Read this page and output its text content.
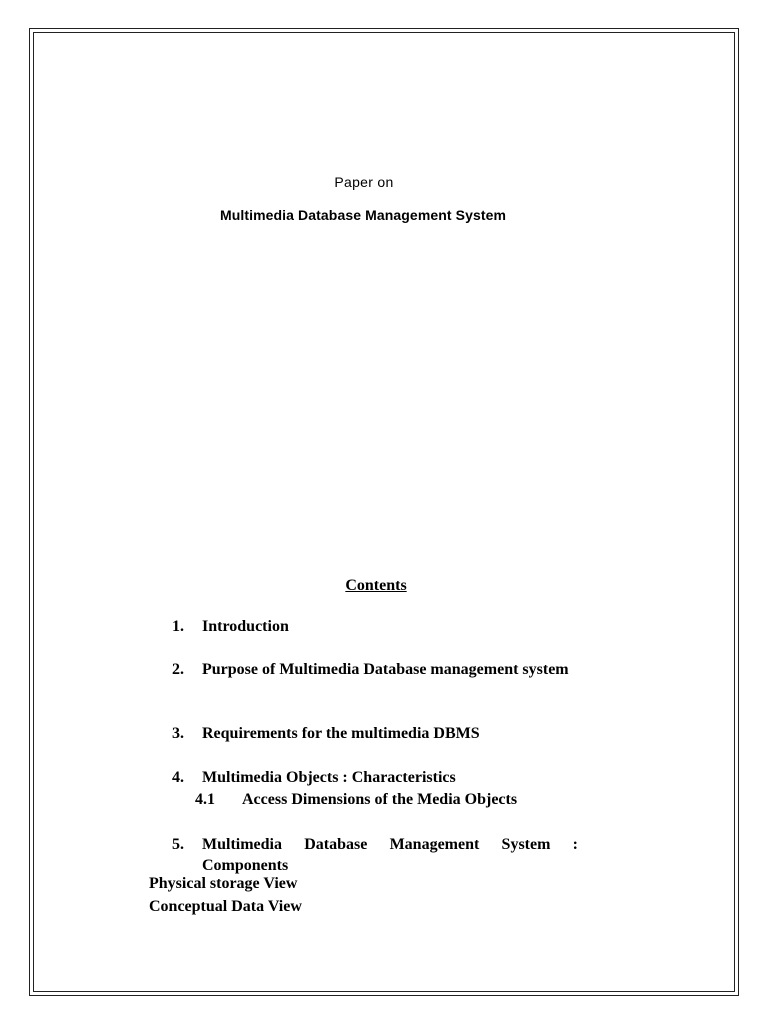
Paper on
Multimedia Database Management System
Contents
1. Introduction
2. Purpose of Multimedia Database management system
3. Requirements for the multimedia DBMS
4. Multimedia Objects : Characteristics
4.1 Access Dimensions of the Media Objects
5. Multimedia Database Management System : Components
Physical storage View
Conceptual Data View
